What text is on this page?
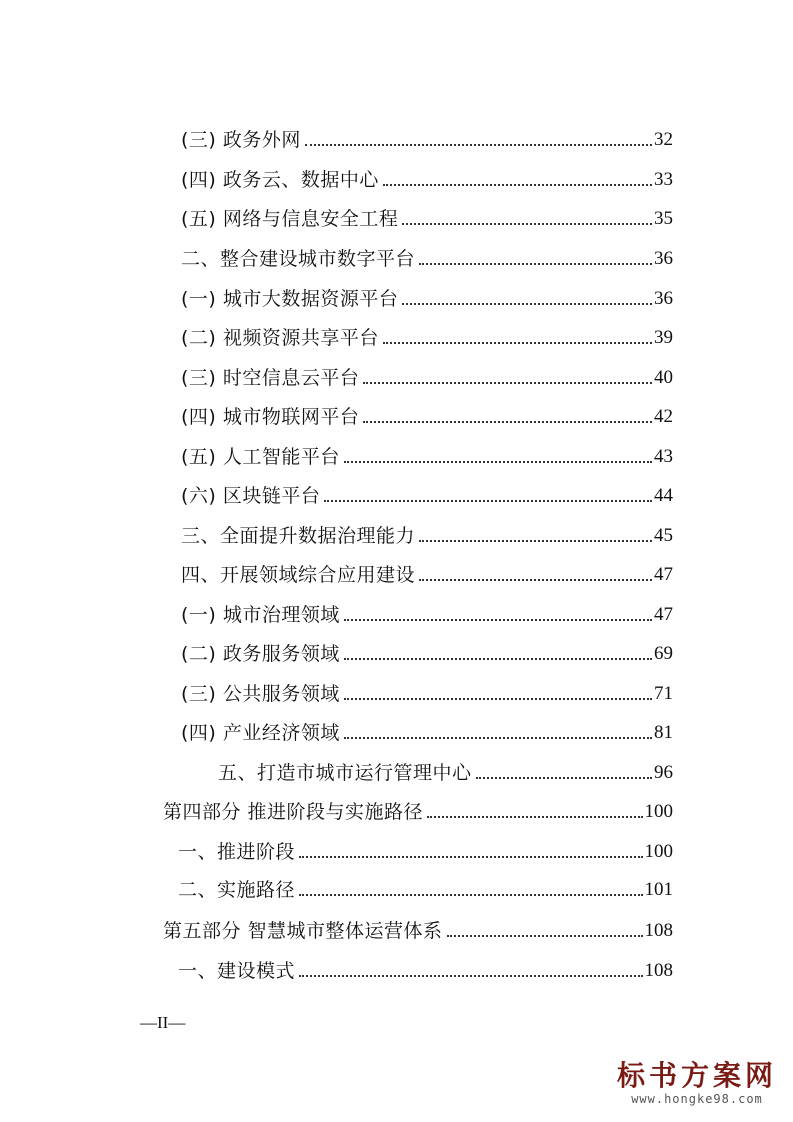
(三) 政务外网	32
(四) 政务云、数据中心	33
(五) 网络与信息安全工程	35
二、整合建设城市数字平台	36
(一) 城市大数据资源平台	36
(二) 视频资源共享平台	39
(三) 时空信息云平台	40
(四) 城市物联网平台	42
(五) 人工智能平台	43
(六) 区块链平台	44
三、全面提升数据治理能力	45
四、开展领域综合应用建设	47
(一) 城市治理领域	47
(二) 政务服务领域	69
(三) 公共服务领域	71
(四) 产业经济领域	81
五、打造市城市运行管理中心	96
第四部分 推进阶段与实施路径	100
一、推进阶段	100
二、实施路径	101
第五部分 智慧城市整体运营体系	108
一、建设模式	108
—II—
标书方案网
www.hongke98.com
